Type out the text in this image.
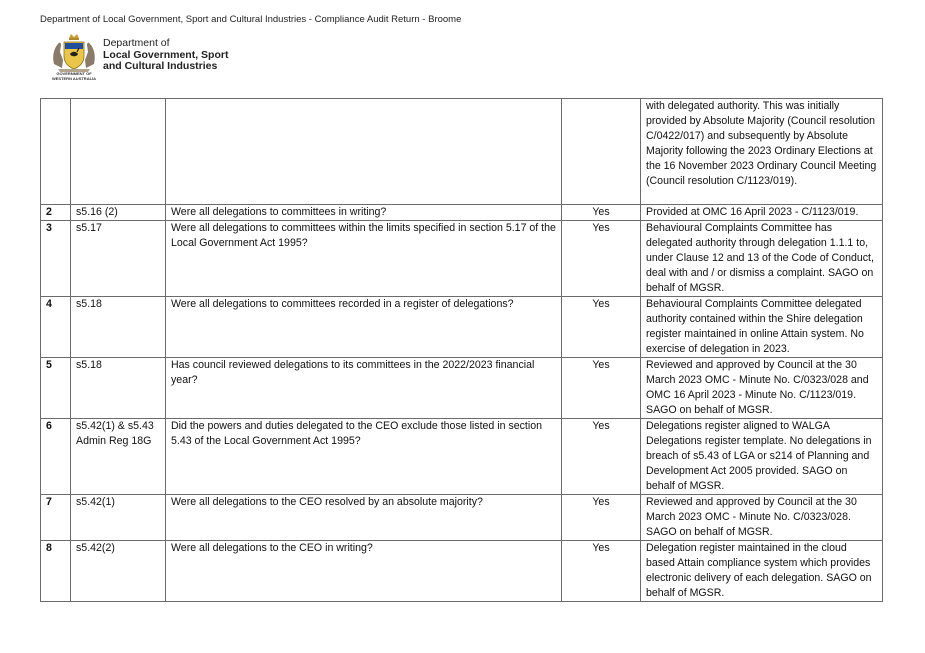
Department of Local Government, Sport and Cultural Industries - Compliance Audit Return - Broome
GOVERNMENT OF
WESTERN AUSTRALIA
Department of
Local Government, Sport
and Cultural Industries
				with delegated authority. This was initially provided by Absolute Majority (Council resolution C/0422/017) and subsequently by Absolute Majority following the 2023 Ordinary Elections at the 16 November 2023 Ordinary Council Meeting (Council resolution C/1123/019).
2	s5.16 (2)	Were all delegations to committees in writing?	Yes	Provided at OMC 16 April 2023 - C/1123/019.
3	s5.17	Were all delegations to committees within the limits specified in section 5.17 of the Local Government Act 1995?	Yes	Behavioural Complaints Committee has delegated authority through delegation 1.1.1 to, under Clause 12 and 13 of the Code of Conduct, deal with and / or dismiss a complaint. SAGO on behalf of MGSR.
4	s5.18	Were all delegations to committees recorded in a register of delegations?	Yes	Behavioural Complaints Committee delegated authority contained within the Shire delegation register maintained in online Attain system. No exercise of delegation in 2023.
5	s5.18	Has council reviewed delegations to its committees in the 2022/2023 financial year?	Yes	Reviewed and approved by Council at the 30 March 2023 OMC - Minute No. C/0323/028 and OMC 16 April 2023 - Minute No. C/1123/019. SAGO on behalf of MGSR.
6	s5.42(1) & s5.43 Admin Reg 18G	Did the powers and duties delegated to the CEO exclude those listed in section 5.43 of the Local Government Act 1995?	Yes	Delegations register aligned to WALGA Delegations register template. No delegations in breach of s5.43 of LGA or s214 of Planning and Development Act 2005 provided. SAGO on behalf of MGSR.
7	s5.42(1)	Were all delegations to the CEO resolved by an absolute majority?	Yes	Reviewed and approved by Council at the 30 March 2023 OMC - Minute No. C/0323/028. SAGO on behalf of MGSR.
8	s5.42(2)	Were all delegations to the CEO in writing?	Yes	Delegation register maintained in the cloud based Attain compliance system which provides electronic delivery of each delegation. SAGO on behalf of MGSR.
